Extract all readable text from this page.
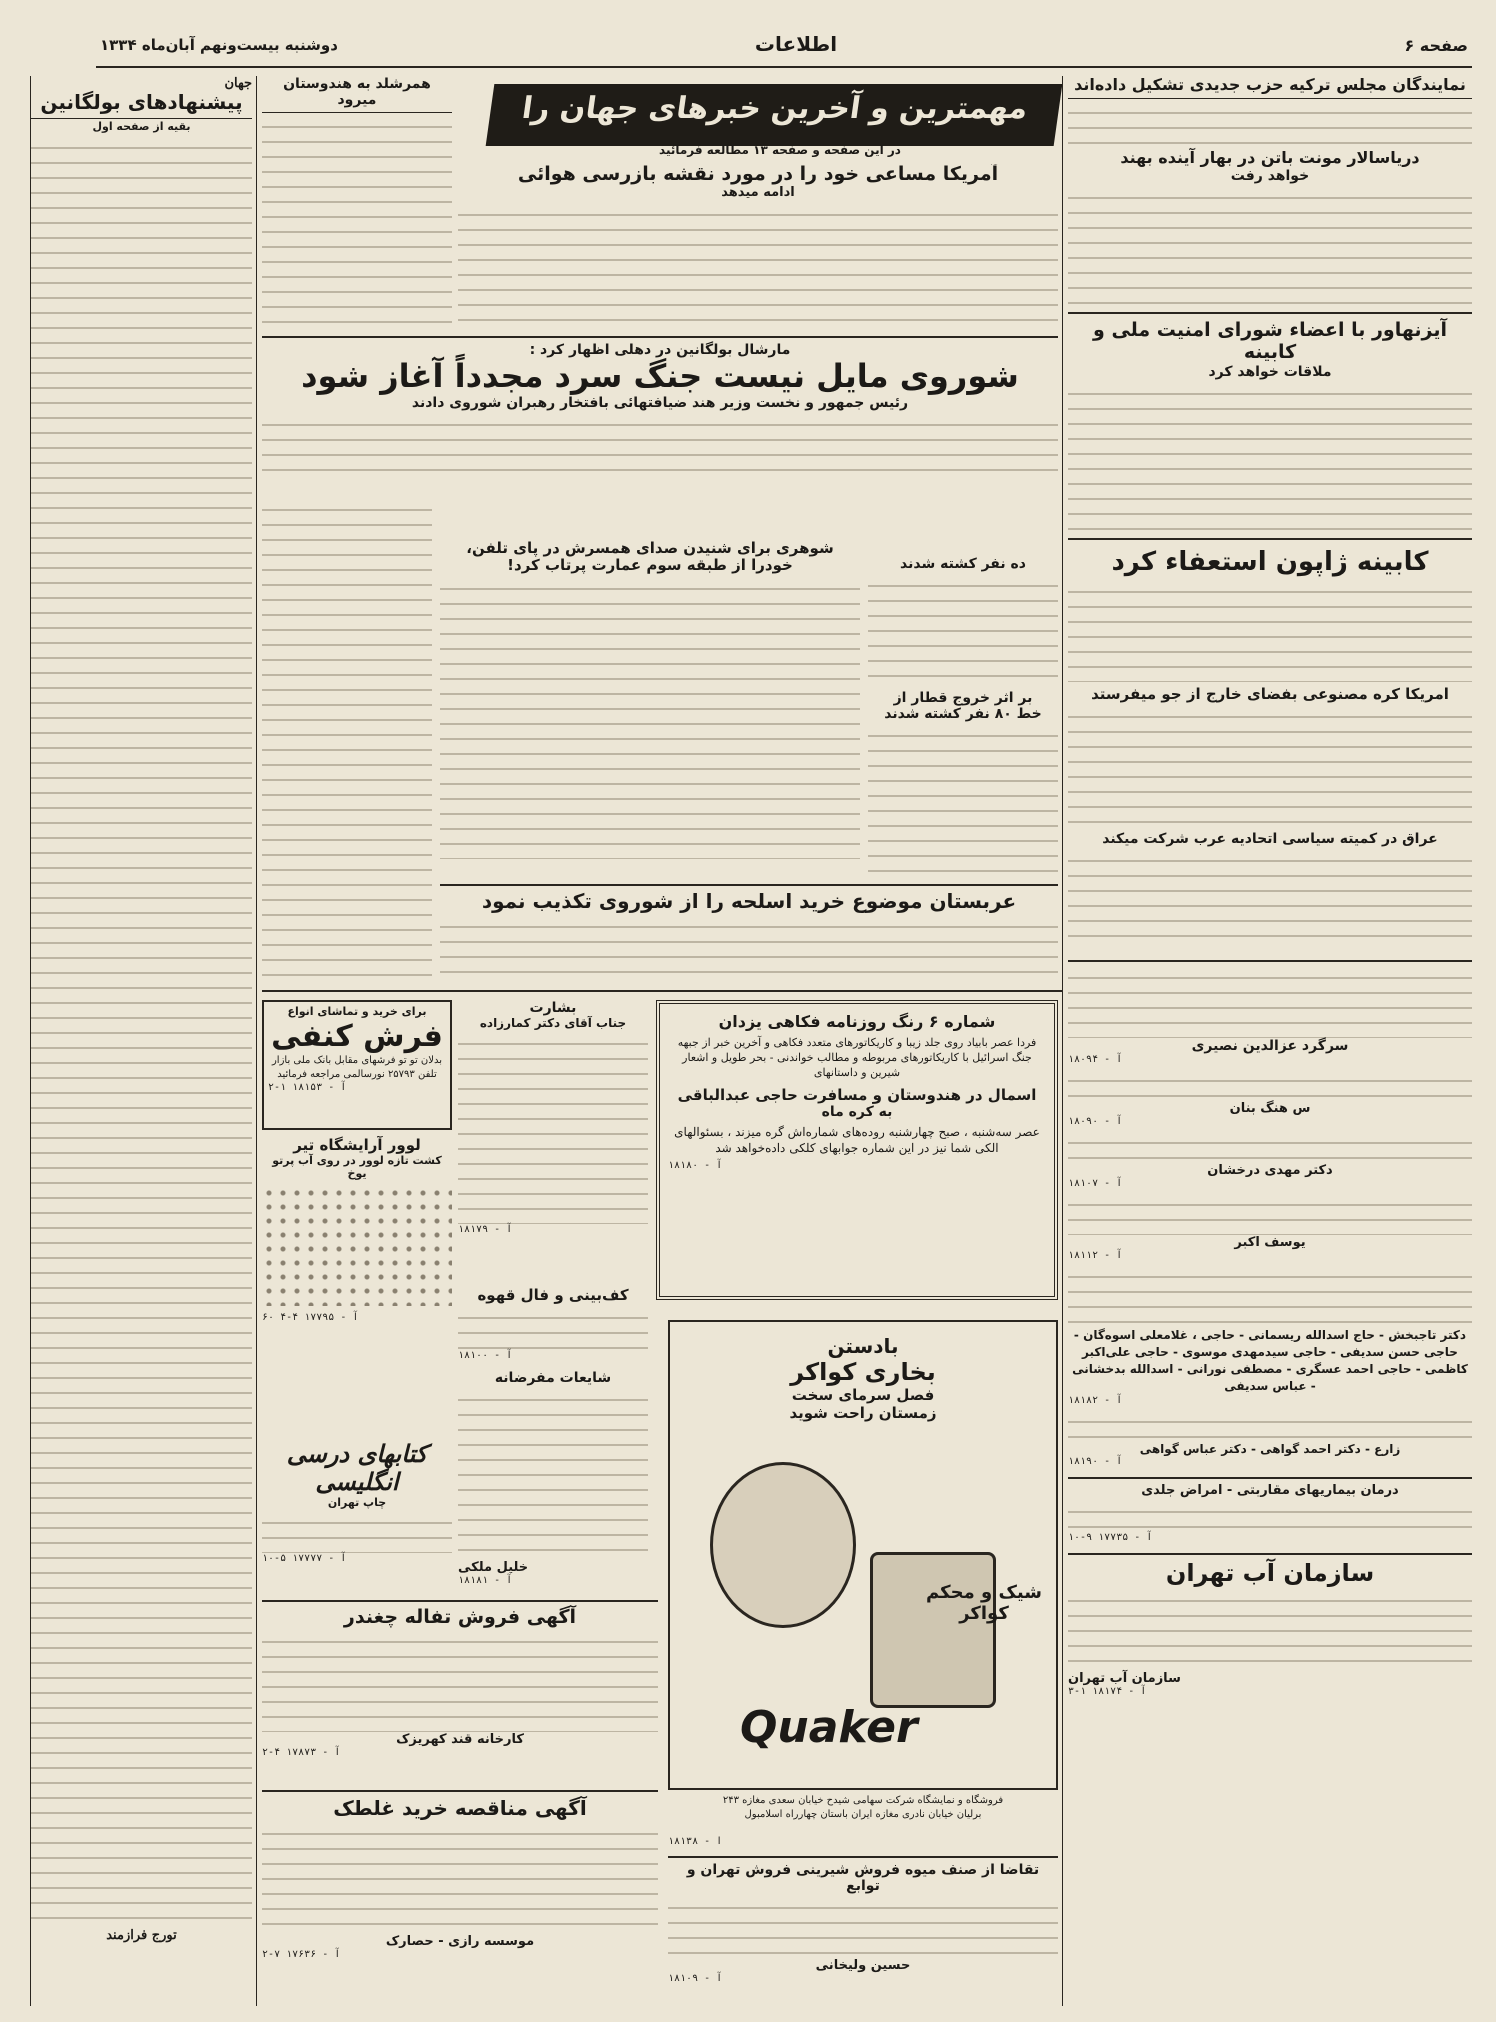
صفحه ۶
اطلاعات
دوشنبه بیست‌ونهم آبان‌ماه ۱۳۳۴
نمایندگان مجلس ترکیه حزب جدیدی تشکیل داده‌اند
دریاسالار مونت باتن در بهار آینده بهند
خواهد رفت
آیزنهاور با اعضاء شورای امنیت ملی و کابینه
ملاقات خواهد کرد
کابینه ژاپون استعفاء کرد
امریکا کره مصنوعی بفضای خارج از جو میفرستد
عراق در کمیته سیاسی اتحادیه عرب شرکت میکند
مهمترین و آخرین خبرهای جهان را
در این صفحه و صفحه ۱۳ مطالعه فرمائید
آمریکا مساعی خود را در مورد نقشه بازرسی هوائی
ادامه میدهد
همرشلد به هندوستان میرود
مارشال بولگانین در دهلی اظهار کرد :
شوروی مایل نیست جنگ سرد مجدداً آغاز شود
رئیس جمهور و نخست وزیر هند ضیافتهائی بافتخار رهبران شوروی دادند
شوهری برای شنیدن صدای همسرش در پای تلفن،
خودرا از طبقه سوم عمارت پرتاب کرد!	ده نفر کشته شدند
بر اثر خروج قطار از
خط ۸۰ نفر کشته شدند
عربستان موضوع خرید اسلحه را از شوروی تکذیب نمود
جهان
پیشنهادهای بولگانین
بقیه از صفحه اول
تورج فرازمند
برای خرید و تماشای انواع
فرش کنفی
بدلان تو تو فرشهای مقابل بانک ملی بازار تلفن ۲۵۷۹۳ نورسالمی مراجعه فرمائید
آ - ۱۸۱۵۳ ۱-۲
بشارت
جناب آقای دکتر کمارزاده
آ - ۱۸۱۷۹
شماره ۶ رنگ روزنامه فکاهی یزدان
فردا عصر بابیاد روی جلد زیبا و کاریکاتورهای متعدد فکاهی و آخرین خبر از جبهه جنگ اسرائیل با کاریکاتورهای مربوطه و مطالب خواندنی - بحر طویل و اشعار شیرین و داستانهای
اسمال در هندوستان و مسافرت حاجی عبدالباقی
به کره ماه
عصر سه‌شنبه ، صبح چهارشنبه روده‌های شماره‌اش گره میزند ، بسئوالهای الکی شما نیز در این شماره جوابهای کلکی داده‌خواهد شد
آ - ۱۸۱۸۰
لوور آرایشگاه تیر
کشت تازه لوور در روی آب پرتو یوخ
آ - ۱۷۷۹۵ ۴-۴ ۶۰
کف‌بینی و فال قهوه
آ - ۱۸۱۰۰
شایعات مفرضانه
خلیل ملکی
آ - ۱۸۱۸۱
کتابهای درسی انگلیسی
چاپ تهران
آ - ۱۷۷۷۷ ۵-۱۰
بادستن
بخاری کواکر
فصل سرمای سخت
زمستان راحت شوید
شیک و محکم کواکر
Quaker
فروشگاه و نمایشگاه شرکت سهامی شیدح خیابان سعدی مغازه ۲۴۳
برلیان خیابان نادری مغازه ایران باستان چهارراه اسلامبول
آ - ۱۸۱۳۸
آگهی فروش تفاله چغندر
کارخانه قند کهریزک
آ - ۱۷۸۷۳ ۴-۲
آگهی مناقصه خرید غلطک
موسسه رازی - حصارک
آ - ۱۷۶۳۶ ۷-۲
تقاضا از صنف میوه فروش شیرینی فروش تهران و توابع
حسین ولیخانی
آ - ۱۸۱۰۹
سرگرد عزالدین نصیری
آ - ۱۸۰۹۴
س هنگ بنان
آ - ۱۸۰۹۰
دکتر مهدی درخشان
آ - ۱۸۱۰۷
یوسف اکبر
آ - ۱۸۱۱۲
دکتر تاجبخش - حاج اسدالله ریسمانی - حاجی ، غلامعلی اسوه‌گان - حاجی حسن سدیفی - حاجی سیدمهدی موسوی - حاجی علی‌اکبر کاظمی - حاجی احمد عسگری - مصطفی نورانی - اسدالله بدخشانی - عباس سدیفی
آ - ۱۸۱۸۲
زارع - دکتر احمد گواهی - دکتر عباس گواهی
آ - ۱۸۱۹۰
درمان بیماریهای مقاربتی - امراض جلدی
آ - ۱۷۷۳۵ ۹-۱۰
سازمان آب تهران
سازمان آب تهران
آ - ۱۸۱۷۴ ۱-۳
